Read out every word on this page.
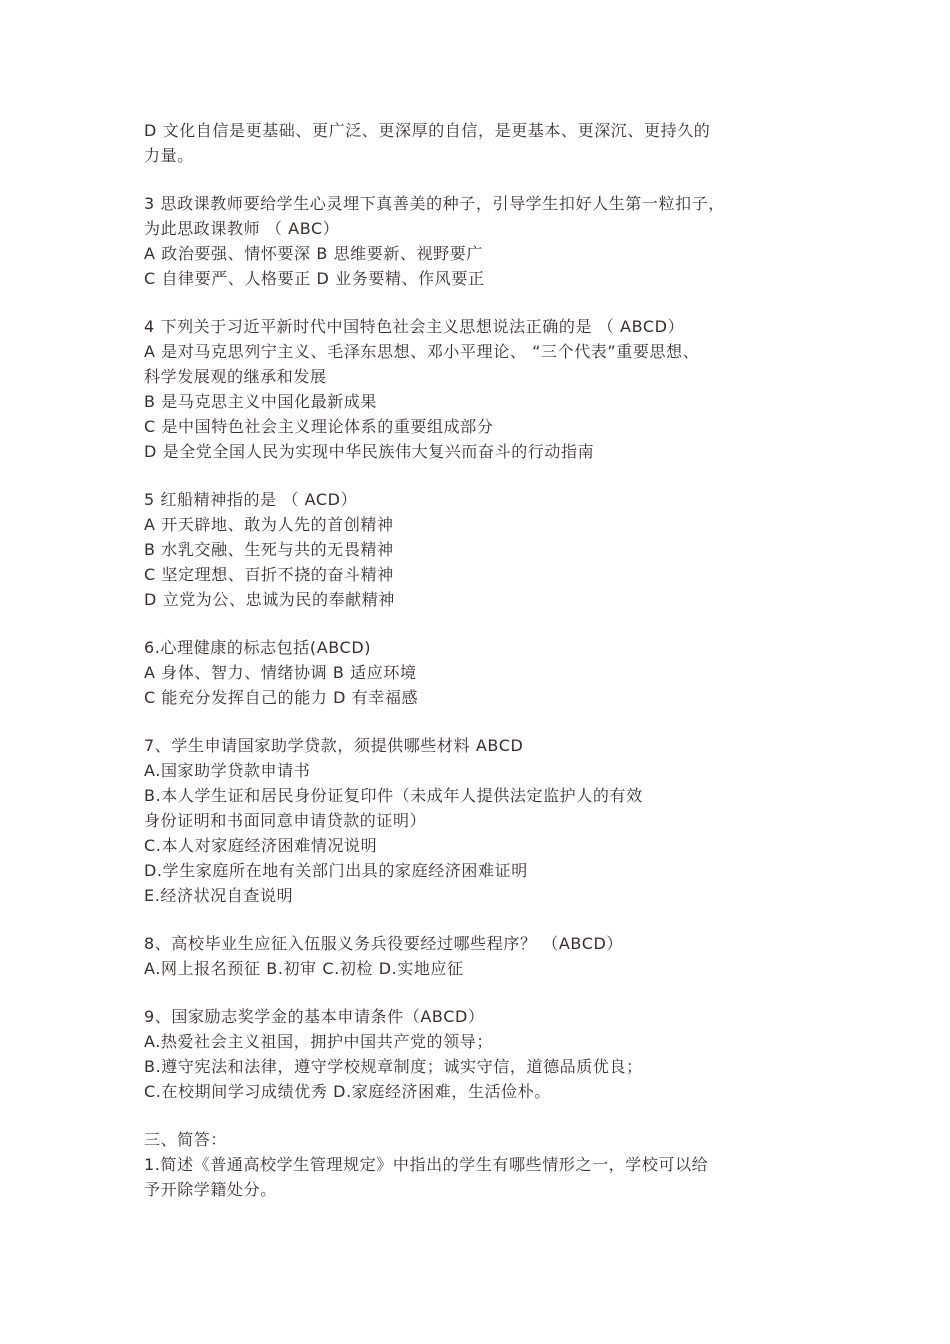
D 文化自信是更基础、更广泛、更深厚的自信，是更基本、更深沉、更持久的
力量。
3 思政课教师要给学生心灵埋下真善美的种子，引导学生扣好人生第一粒扣子，
为此思政课教师 （ ABC）
A 政治要强、情怀要深 B 思维要新、视野要广
C 自律要严、人格要正 D 业务要精、作风要正
4 下列关于习近平新时代中国特色社会主义思想说法正确的是 （ ABCD）
A 是对马克思列宁主义、毛泽东思想、邓小平理论、 “三个代表”重要思想、
科学发展观的继承和发展
B 是马克思主义中国化最新成果
C 是中国特色社会主义理论体系的重要组成部分
D 是全党全国人民为实现中华民族伟大复兴而奋斗的行动指南
5 红船精神指的是 （ ACD）
A 开天辟地、敢为人先的首创精神
B 水乳交融、生死与共的无畏精神
C 坚定理想、百折不挠的奋斗精神
D 立党为公、忠诚为民的奉献精神
6.心理健康的标志包括(ABCD)
A 身体、智力、情绪协调 B 适应环境
C 能充分发挥自己的能力 D 有幸福感
7、学生申请国家助学贷款，须提供哪些材料 ABCD
A.国家助学贷款申请书
B.本人学生证和居民身份证复印件（未成年人提供法定监护人的有效
身份证明和书面同意申请贷款的证明）
C.本人对家庭经济困难情况说明
D.学生家庭所在地有关部门出具的家庭经济困难证明
E.经济状况自查说明
8、高校毕业生应征入伍服义务兵役要经过哪些程序？ （ABCD）
A.网上报名预征 B.初审 C.初检 D.实地应征
9、国家励志奖学金的基本申请条件（ABCD）
A.热爱社会主义祖国，拥护中国共产党的领导；
B.遵守宪法和法律，遵守学校规章制度；诚实守信，道德品质优良；
C.在校期间学习成绩优秀 D.家庭经济困难，生活俭朴。
三、简答：
1.简述《普通高校学生管理规定》中指出的学生有哪些情形之一，学校可以给
予开除学籍处分。
